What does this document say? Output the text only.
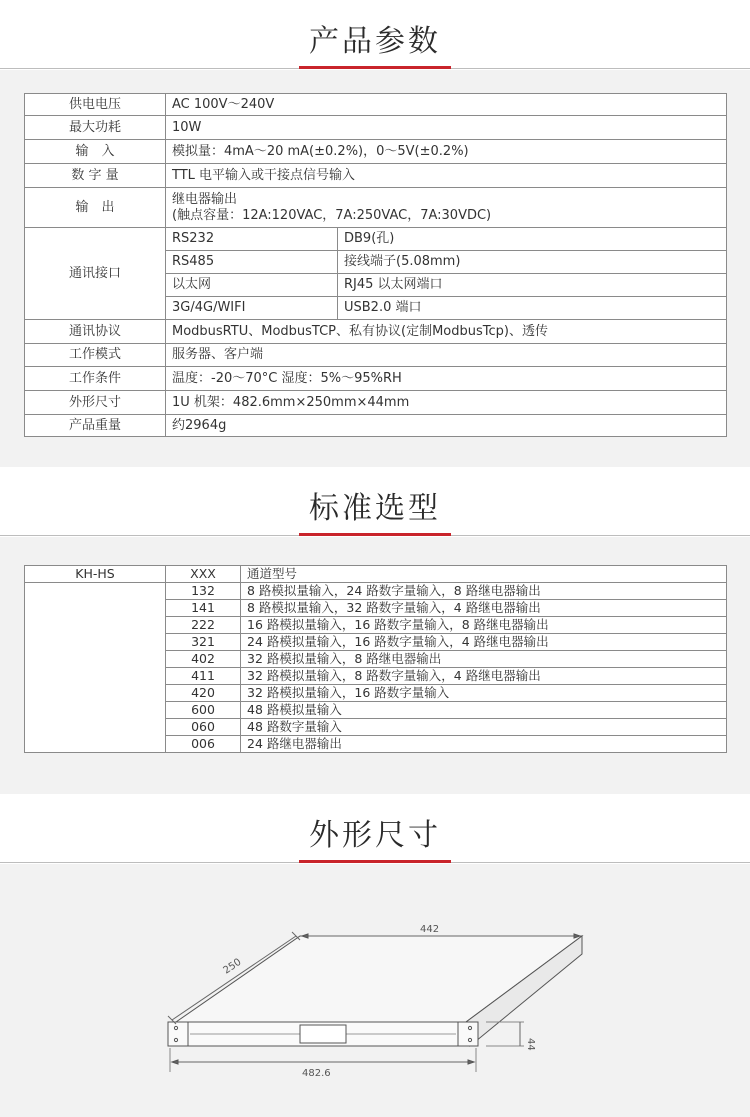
产品参数
供电电压	AC 100V～240V	
最大功耗	10W	
输　入	模拟量：4mA～20 mA(±0.2%)，0～5V(±0.2%)	
数 字 量	TTL 电平输入或干接点信号输入	
输　出	继电器输出
(触点容量：12A:120VAC，7A:250VAC，7A:30VDC)	

通讯接口	RS232	DB9(孔)
	RS485	接线端子(5.08mm)
	以太网	RJ45 以太网端口
	3G/4G/WIFI	USB2.0 端口
通讯协议	ModbusRTU、ModbusTCP、私有协议(定制ModbusTcp)、透传	
工作模式	服务器、客户端	
工作条件	温度：-20～70°C 湿度：5%～95%RH	
外形尺寸	1U 机架：482.6mm×250mm×44mm	
产品重量	约2964g	
标准选型
KH-HS	XXX	通道型号
	132	8 路模拟量输入，24 路数字量输入，8 路继电器输出
	141	8 路模拟量输入，32 路数字量输入，4 路继电器输出
	222	16 路模拟量输入，16 路数字量输入，8 路继电器输出
	321	24 路模拟量输入，16 路数字量输入，4 路继电器输出
	402	32 路模拟量输入，8 路继电器输出
	411	32 路模拟量输入，8 路数字量输入，4 路继电器输出
	420	32 路模拟量输入，16 路数字量输入
	600	48 路模拟量输入
	060	48 路数字量输入
	006	24 路继电器输出
外形尺寸
250
442
44
482.6
